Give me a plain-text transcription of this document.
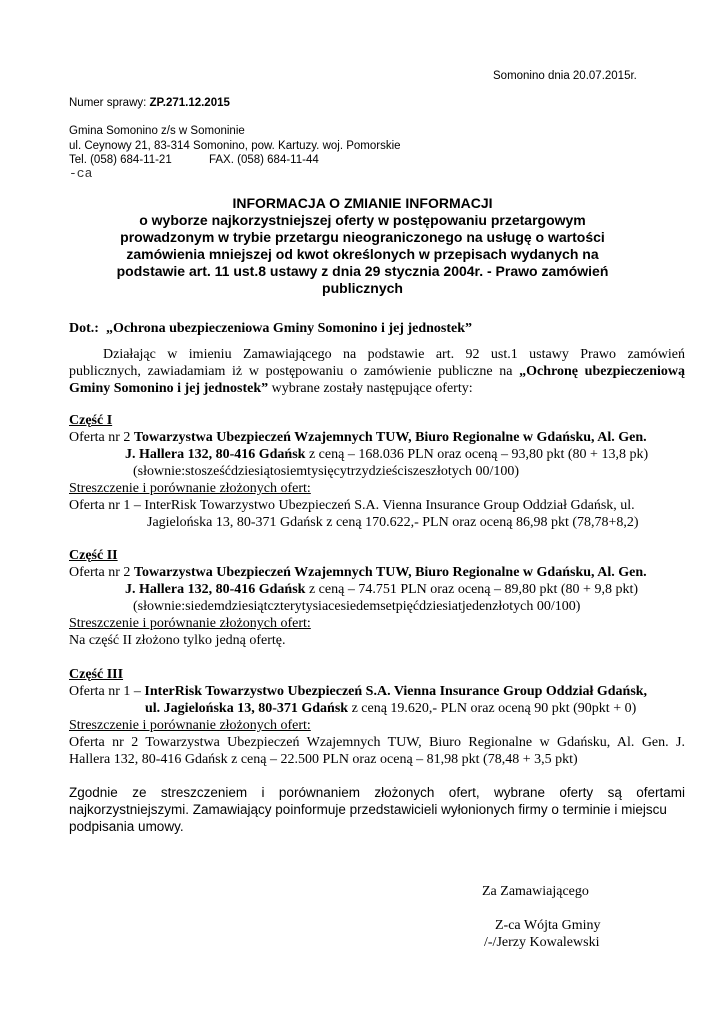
Somonino dnia 20.07.2015r.
Numer sprawy: ZP.271.12.2015
Gmina Somonino z/s w Somoninie
ul. Ceynowy 21, 83-314 Somonino, pow. Kartuzy. woj. Pomorskie
Tel. (058) 684-11-21	FAX. (058) 684-11-44
-ca
INFORMACJA O ZMIANIE INFORMACJI
o wyborze najkorzystniejszej oferty w postępowaniu przetargowym
prowadzonym w trybie przetargu nieograniczonego na usługę o wartości
zamówienia mniejszej od kwot określonych w przepisach wydanych na
podstawie art. 11 ust.8 ustawy z dnia 29 stycznia 2004r. - Prawo zamówień
publicznych
Dot.: „Ochrona ubezpieczeniowa Gminy Somonino i jej jednostek”
Działając w imieniu Zamawiającego na podstawie art. 92 ust.1 ustawy Prawo zamówień
publicznych, zawiadamiam iż w postępowaniu o zamówienie publiczne na „Ochronę ubezpieczeniową
Gminy Somonino i jej jednostek” wybrane zostały następujące oferty:
Część I
Oferta nr 2 Towarzystwa Ubezpieczeń Wzajemnych TUW, Biuro Regionalne w Gdańsku, Al. Gen.
J. Hallera 132, 80-416 Gdańsk z ceną – 168.036 PLN oraz oceną – 93,80 pkt (80 + 13,8 pk)
(słownie:stosześćdziesiątosiemtysięcytrzydzieściszeszłotych 00/100)
Streszczenie i porównanie złożonych ofert:
Oferta nr 1 – InterRisk Towarzystwo Ubezpieczeń S.A. Vienna Insurance Group Oddział Gdańsk, ul.
Jagielońska 13, 80-371 Gdańsk z ceną 170.622,- PLN oraz oceną 86,98 pkt (78,78+8,2)
Część II
Oferta nr 2 Towarzystwa Ubezpieczeń Wzajemnych TUW, Biuro Regionalne w Gdańsku, Al. Gen.
J. Hallera 132, 80-416 Gdańsk z ceną – 74.751 PLN oraz oceną – 89,80 pkt (80 + 9,8 pkt)
(słownie:siedemdziesiątczterytysiacesiedemsetpięćdziesiatjedenzłotych 00/100)
Streszczenie i porównanie złożonych ofert:
Na część II złożono tylko jedną ofertę.
Część III
Oferta nr 1 – InterRisk Towarzystwo Ubezpieczeń S.A. Vienna Insurance Group Oddział Gdańsk,
ul. Jagielońska 13, 80-371 Gdańsk z ceną 19.620,- PLN oraz oceną 90 pkt (90pkt + 0)
Streszczenie i porównanie złożonych ofert:
Oferta nr 2 Towarzystwa Ubezpieczeń Wzajemnych TUW, Biuro Regionalne w Gdańsku, Al. Gen. J.
Hallera 132, 80-416 Gdańsk z ceną – 22.500 PLN oraz oceną – 81,98 pkt (78,48 + 3,5 pkt)
Zgodnie ze streszczeniem i porównaniem złożonych ofert, wybrane oferty są ofertami
najkorzystniejszymi. Zamawiający poinformuje przedstawicieli wyłonionych firmy o terminie i miejscu
podpisania umowy.
Za Zamawiającego
Z-ca Wójta Gminy
/-/Jerzy Kowalewski
